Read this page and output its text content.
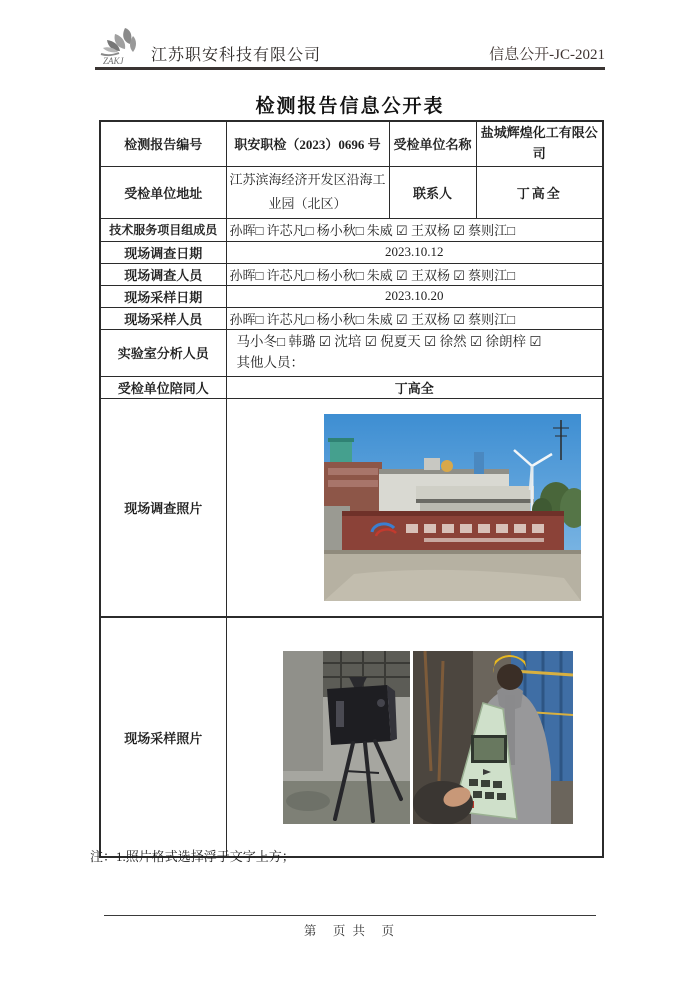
ZAKJ 江苏职安科技有限公司	信息公开-JC-2021
检测报告信息公开表
检测报告编号	职安职检（2023）0696 号	受检单位名称	盐城辉煌化工有限公司
受检单位地址	江苏滨海经济开发区沿海工业园（北区）	联系人	丁高全
技术服务项目组成员	孙晖□ 许芯凡□ 杨小秋□ 朱威 ☑ 王双杨 ☑ 蔡则江□		
现场调查日期	2023.10.12		
现场调查人员	孙晖□ 许芯凡□ 杨小秋□ 朱威 ☑ 王双杨 ☑ 蔡则江□		
现场采样日期	2023.10.20		
现场采样人员	孙晖□ 许芯凡□ 杨小秋□ 朱威 ☑ 王双杨 ☑ 蔡则江□		
实验室分析人员	马小冬□ 韩璐 ☑ 沈培 ☑ 倪夏天 ☑ 徐然 ☑ 徐朗梓 ☑
其他人员：		

受检单位陪同人	丁高全		
现场调查照片	

现场采样照片	
注：1.照片格式选择浮于文字上方；
第　页 共　页
